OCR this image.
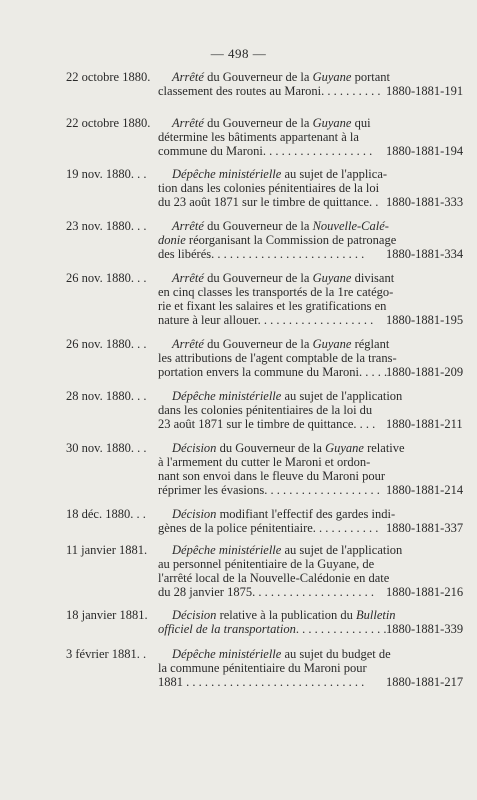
— 498 —
22 octobre 1880.	Arrêté du Gouverneur de la Guyane portant
classement des routes au Maroni. . . . . . . . . . 1880-1881-191
22 octobre 1880.	Arrêté du Gouverneur de la Guyane qui
détermine les bâtiments appartenant à la
commune du Maroni. . . . . . . . . . . . . . . . . .	1880-1881-194
19 nov. 1880. . .	Dépêche ministérielle au sujet de l'applica-
tion dans les colonies pénitentiaires de la loi
du 23 août 1871 sur le timbre de quittance. . 1880-1881-333
23 nov. 1880. . .	Arrêté du Gouverneur de la Nouvelle-Calé-
donie réorganisant la Commission de patronage
des libérés. . . . . . . . . . . . . . . . . . . . . . . . .	1880-1881-334
26 nov. 1880. . .	Arrêté du Gouverneur de la Guyane divisant
en cinq classes les transportés de la 1re catégo-
rie et fixant les salaires et les gratifications en
nature à leur allouer. . . . . . . . . . . . . . . . . . .	1880-1881-195
26 nov. 1880. . .	Arrêté du Gouverneur de la Guyane réglant
les attributions de l'agent comptable de la trans-
portation envers la commune du Maroni. . . . .
1880-1881-209
28 nov. 1880. . .	Dépêche ministérielle au sujet de l'application
dans les colonies pénitentiaires de la loi du
23 août 1871 sur le timbre de quittance. . . . 1880-1881-211
30 nov. 1880. . .	Décision du Gouverneur de la Guyane relative
à l'armement du cutter le Maroni et ordon-
nant son envoi dans le fleuve du Maroni pour
réprimer les évasions. . . . . . . . . . . . . . . . . . . 1880-1881-214
18 déc. 1880. . .	Décision modifiant l'effectif des gardes indi-
gènes de la police pénitentiaire. . . . . . . . . . . 1880-1881-337
11 janvier 1881.	Dépêche ministérielle au sujet de l'application
au personnel pénitentiaire de la Guyane, de
l'arrêté local de la Nouvelle-Calédonie en date
du 28 janvier 1875. . . . . . . . . . . . . . . . . . . . 1880-1881-216
18 janvier 1881.	Décision relative à la publication du Bulletin
officiel de la transportation. . . . . . . . . . . . . . . 1880-1881-339
3 février 1881. .	Dépêche ministérielle au sujet du budget de
la commune pénitentiaire du Maroni pour
1881 . . . . . . . . . . . . . . . . . . . . . . . . . . . . .	1880-1881-217
